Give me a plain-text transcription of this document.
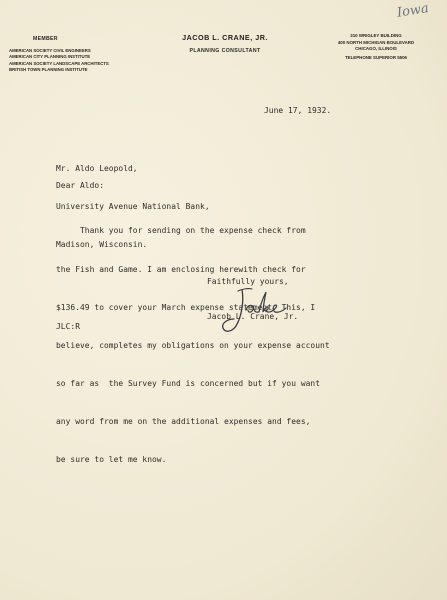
MEMBER
AMERICAN SOCIETY CIVIL ENGINEERS
AMERICAN CITY PLANNING INSTITUTE
AMERICAN SOCIETY LANDSCAPE ARCHITECTS
BRITISH TOWN PLANNING INSTITUTE
JACOB L. CRANE, JR.
PLANNING CONSULTANT
310 WRIGLEY BUILDING
400 NORTH MICHIGAN BOULEVARD
CHICAGO, ILLINOIS
TELEPHONE SUPERIOR 5506
Iowa
June 17, 1932.

Mr. Aldo Leopold,

University Avenue National Bank,

Madison, Wisconsin.

Dear Aldo:

Thank you for sending on the expense check from

the Fish and Game. I am enclosing herewith check for

$136.49 to cover your March expense statement. This, I

believe, completes my obligations on your expense account

so far as  the Survey Fund is concerned but if you want

any word from me on the additional expenses and fees,

be sure to let me know.

Faithfully yours,
Jacob L. Crane, Jr.
JLC:R
